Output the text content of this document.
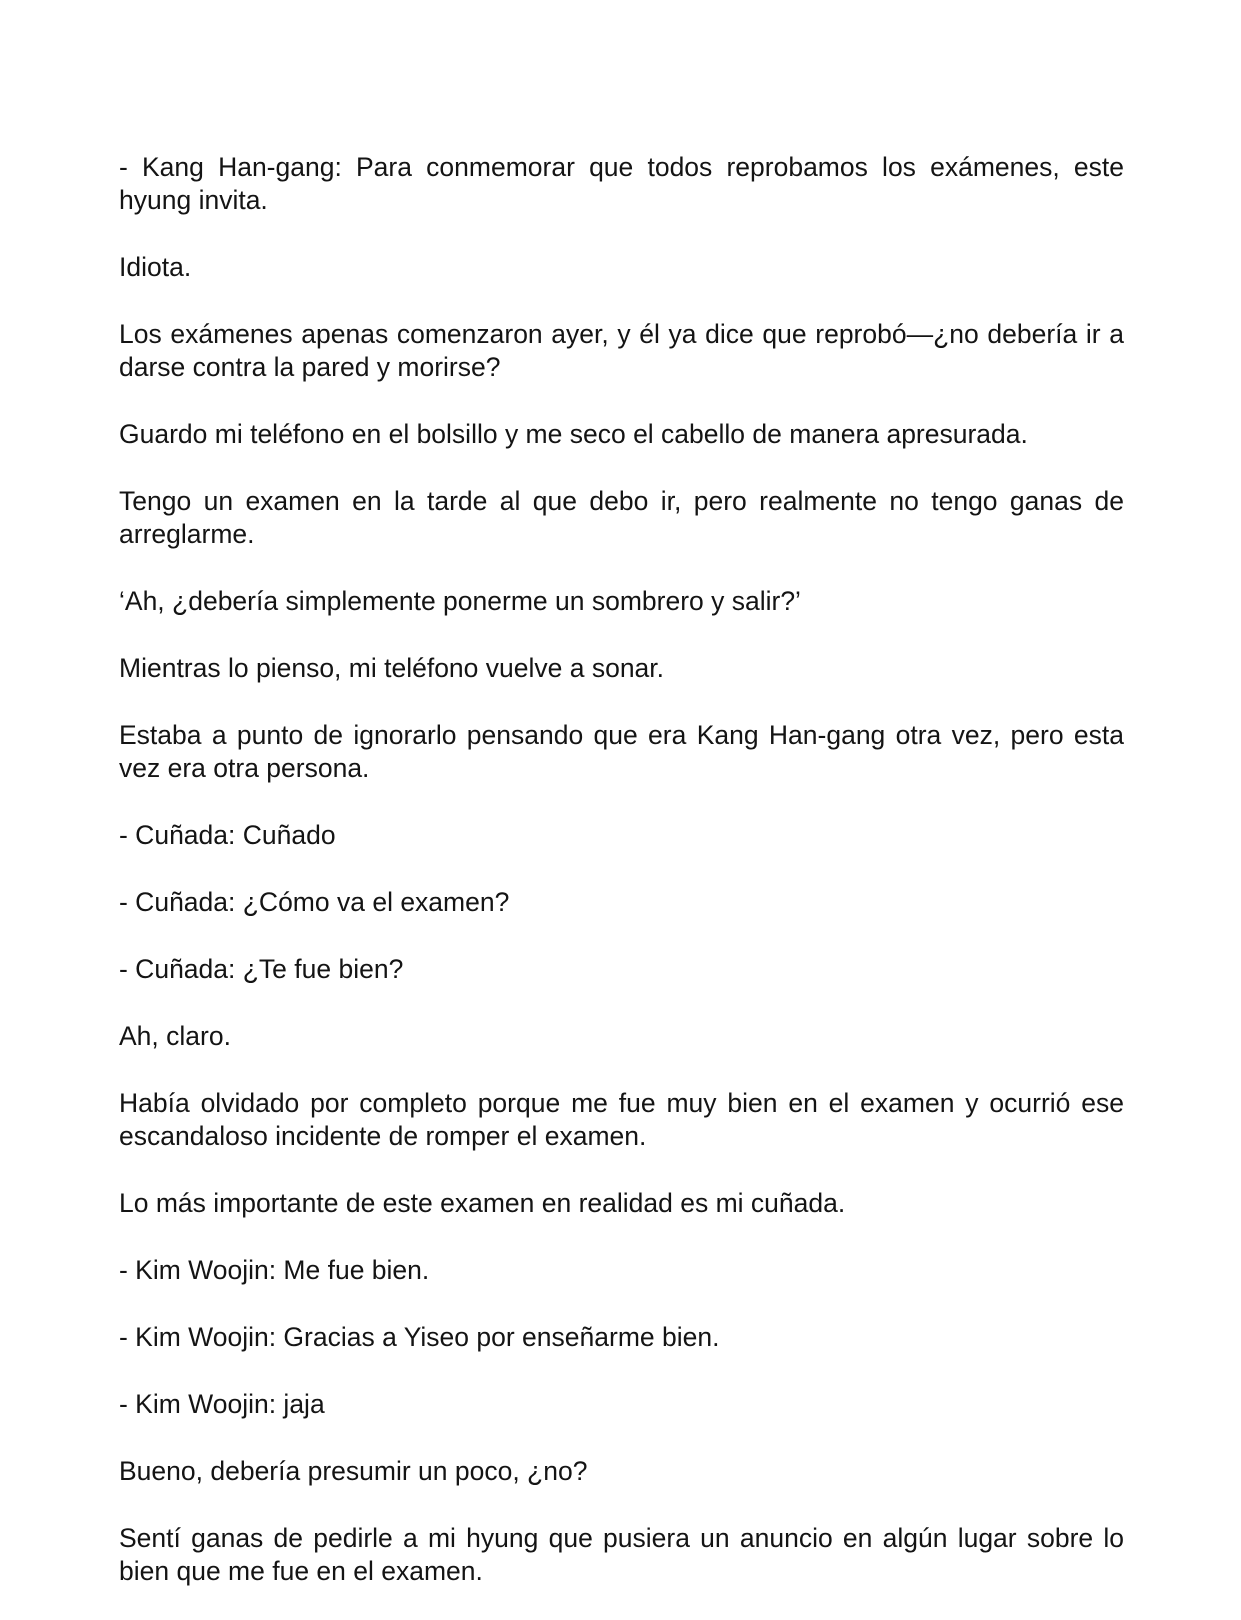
- Kang Han-gang: Para conmemorar que todos reprobamos los exámenes, este hyung invita.

Idiota.

Los exámenes apenas comenzaron ayer, y él ya dice que reprobó—¿no debería ir a darse contra la pared y morirse?

Guardo mi teléfono en el bolsillo y me seco el cabello de manera apresurada.

Tengo un examen en la tarde al que debo ir, pero realmente no tengo ganas de arreglarme.

‘Ah, ¿debería simplemente ponerme un sombrero y salir?’

Mientras lo pienso, mi teléfono vuelve a sonar.

Estaba a punto de ignorarlo pensando que era Kang Han-gang otra vez, pero esta vez era otra persona.

- Cuñada: Cuñado

- Cuñada: ¿Cómo va el examen?

- Cuñada: ¿Te fue bien?

Ah, claro.

Había olvidado por completo porque me fue muy bien en el examen y ocurrió ese escandaloso incidente de romper el examen.

Lo más importante de este examen en realidad es mi cuñada.

- Kim Woojin: Me fue bien.

- Kim Woojin: Gracias a Yiseo por enseñarme bien.

- Kim Woojin: jaja

Bueno, debería presumir un poco, ¿no?

Sentí ganas de pedirle a mi hyung que pusiera un anuncio en algún lugar sobre lo bien que me fue en el examen.
